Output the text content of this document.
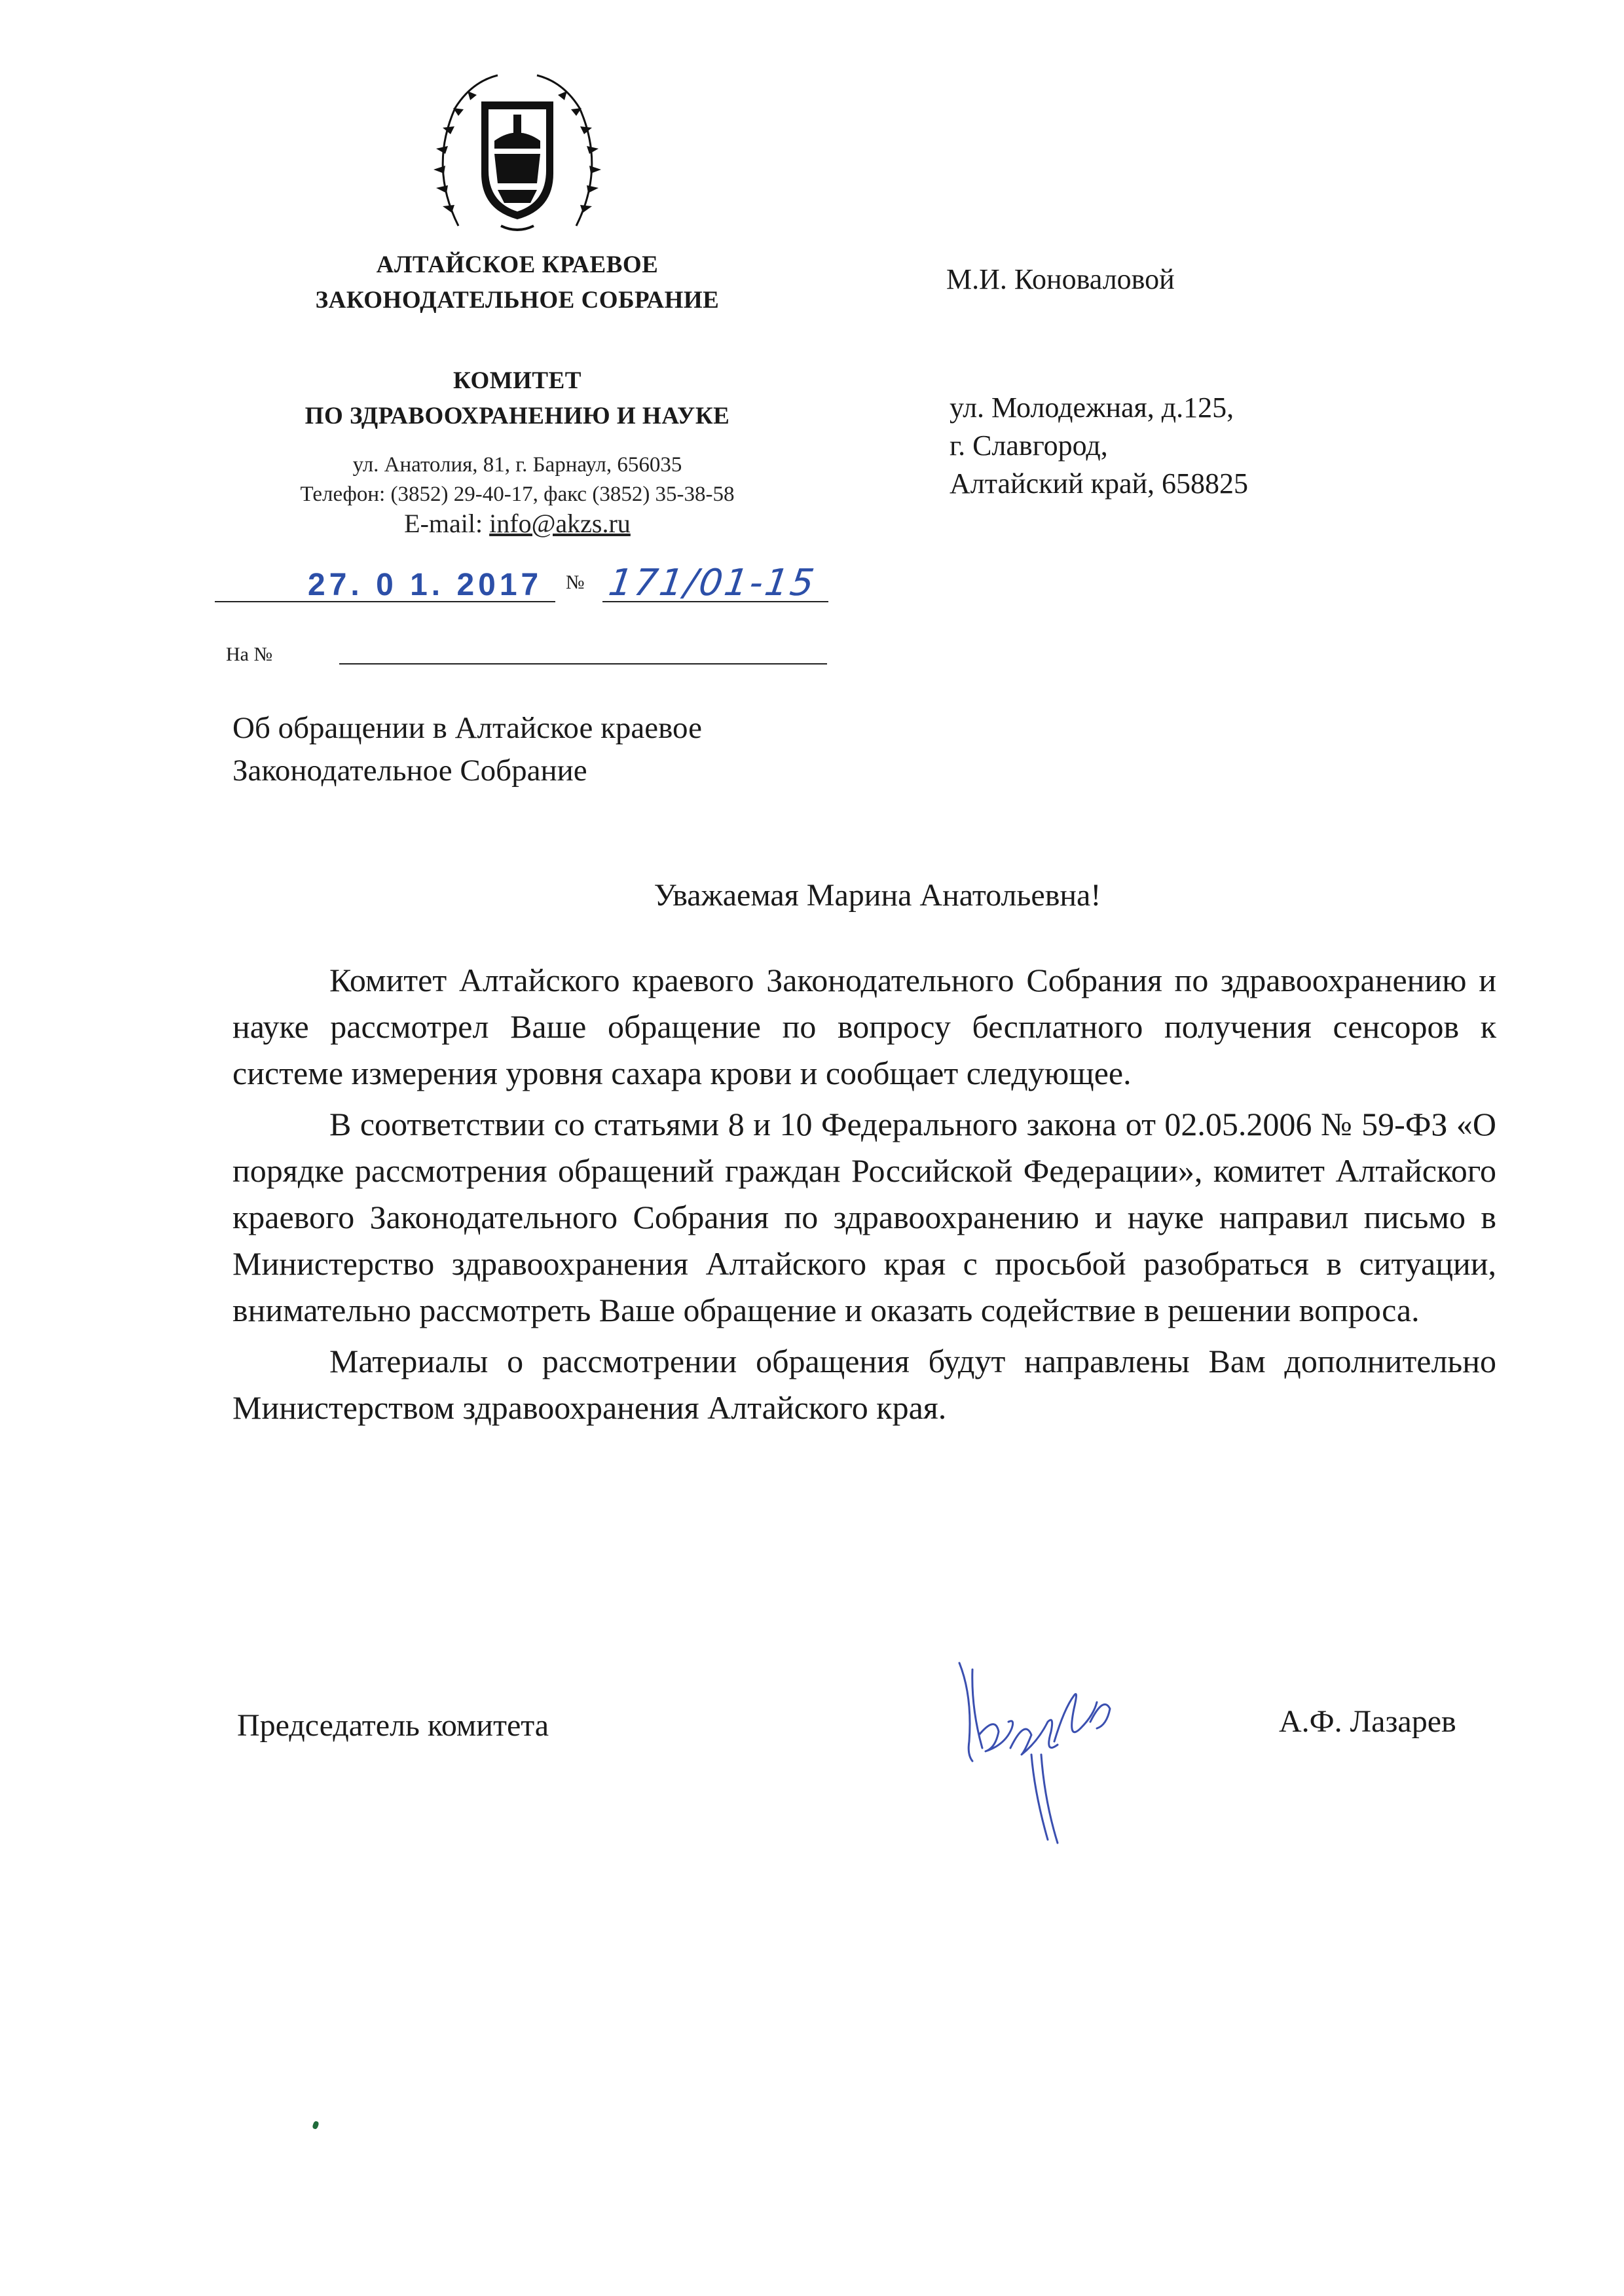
АЛТАЙСКОЕ КРАЕВОЕ
ЗАКОНОДАТЕЛЬНОЕ СОБРАНИЕ
КОМИТЕТ
ПО ЗДРАВООХРАНЕНИЮ И НАУКЕ
ул. Анатолия, 81, г. Барнаул, 656035
Телефон: (3852) 29-40-17, факс (3852) 35-38-58
E-mail: info@akzs.ru
27. 0 1. 2017 № 171/01-15
На №
М.И. Коноваловой
ул. Молодежная, д.125,
г. Славгород,
Алтайский край, 658825
Об обращении в Алтайское краевое
Законодательное Собрание
Уважаемая Марина Анатольевна!

Комитет Алтайского краевого Законодательного Собрания по здравоохранению и науке рассмотрел Ваше обращение по вопросу бесплатного получения сенсоров к системе измерения уровня сахара крови и сообщает следующее.

В соответствии со статьями 8 и 10 Федерального закона от 02.05.2006 № 59-ФЗ «О порядке рассмотрения обращений граждан Российской Федерации», комитет Алтайского краевого Законодательного Собрания по здравоохранению и науке направил письмо в Министерство здравоохранения Алтайского края с просьбой разобраться в ситуации, внимательно рассмотреть Ваше обращение и оказать содействие в решении вопроса.

Материалы о рассмотрении обращения будут направлены Вам дополнительно Министерством здравоохранения Алтайского края.

Председатель комитета	А.Ф. Лазарев
